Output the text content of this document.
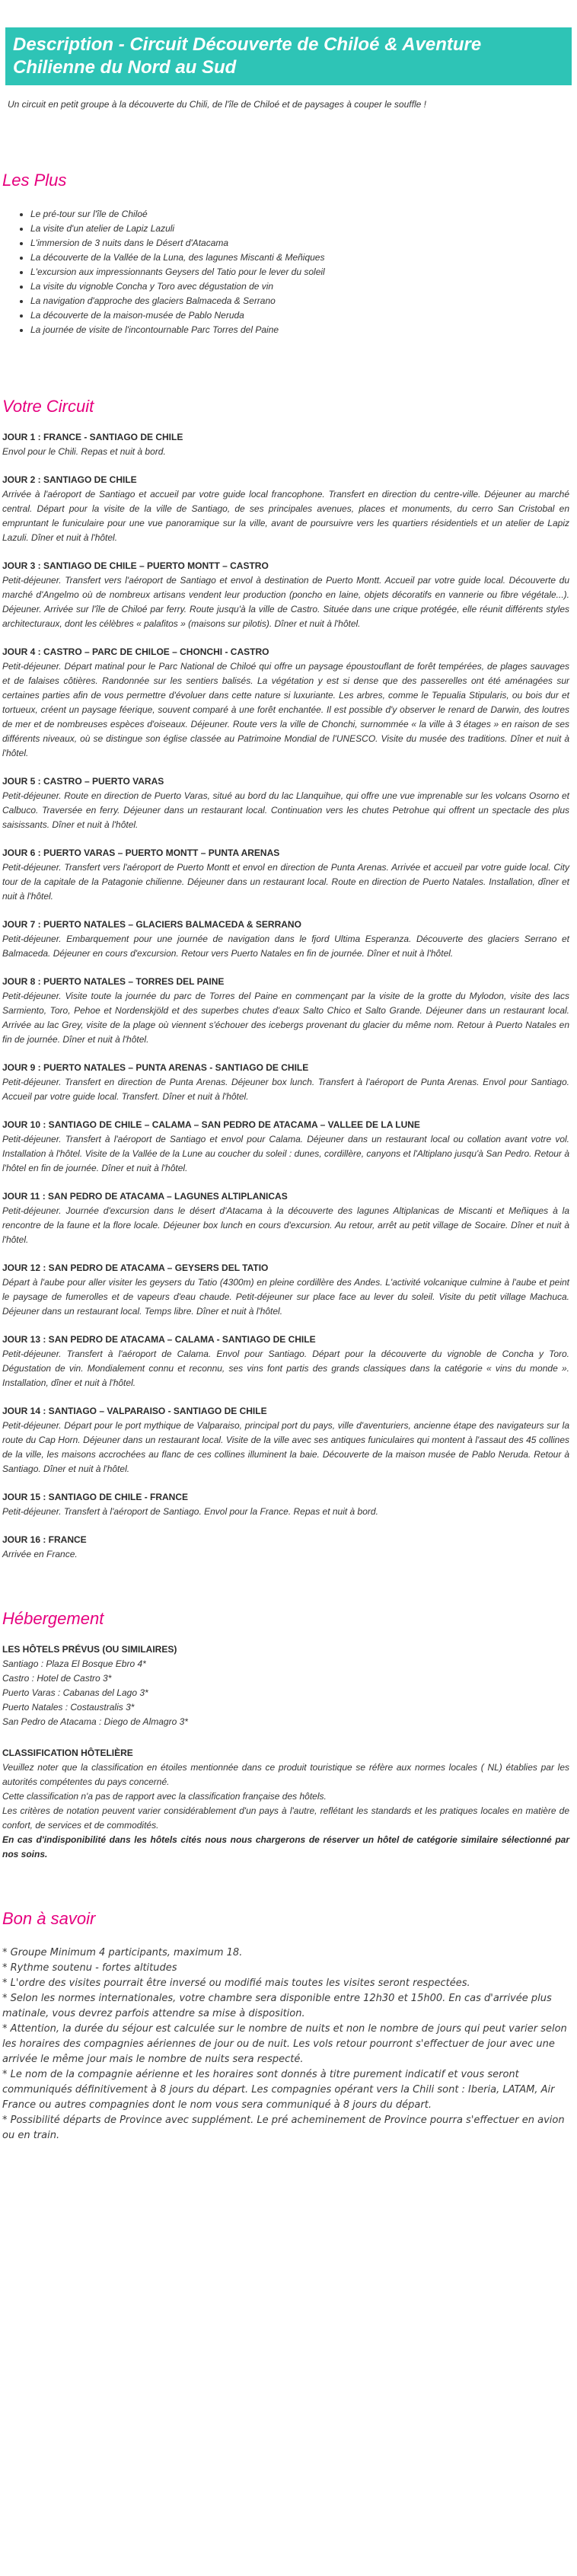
Description - Circuit Découverte de Chiloé & Aventure Chilienne du Nord au Sud
Un circuit en petit groupe à la découverte du Chili, de l'île de Chiloé et de paysages à couper le souffle !
Les Plus
• Le pré-tour sur l'île de Chiloé
• La visite d'un atelier de Lapiz Lazuli
• L'immersion de 3 nuits dans le Désert d'Atacama
• La découverte de la Vallée de la Luna, des lagunes Miscanti & Meñiques
• L'excursion aux impressionnants Geysers del Tatio pour le lever du soleil
• La visite du vignoble Concha y Toro avec dégustation de vin
• La navigation d'approche des glaciers Balmaceda & Serrano
• La découverte de la maison-musée de Pablo Neruda
• La journée de visite de l'incontournable Parc Torres del Paine
Votre Circuit
JOUR 1 : FRANCE - SANTIAGO DE CHILE
Envol pour le Chili. Repas et nuit à bord.
JOUR 2 : SANTIAGO DE CHILE
Arrivée à l'aéroport de Santiago et accueil par votre guide local francophone. Transfert en direction du centre-ville. Déjeuner au marché central. Départ pour la visite de la ville de Santiago, de ses principales avenues, places et monuments, du cerro San Cristobal en empruntant le funiculaire pour une vue panoramique sur la ville, avant de poursuivre vers les quartiers résidentiels et un atelier de Lapiz Lazuli. Dîner et nuit à l'hôtel.
JOUR 3 : SANTIAGO DE CHILE – PUERTO MONTT – CASTRO
Petit-déjeuner. Transfert vers l'aéroport de Santiago et envol à destination de Puerto Montt. Accueil par votre guide local. Découverte du marché d'Angelmo où de nombreux artisans vendent leur production (poncho en laine, objets décoratifs en vannerie ou fibre végétale...). Déjeuner. Arrivée sur l'île de Chiloé par ferry. Route jusqu'à la ville de Castro. Située dans une crique protégée, elle réunit différents styles architecturaux, dont les célèbres « palafitos » (maisons sur pilotis). Dîner et nuit à l'hôtel.
JOUR 4 : CASTRO – PARC DE CHILOE – CHONCHI - CASTRO
Petit-déjeuner. Départ matinal pour le Parc National de Chiloé qui offre un paysage époustouflant de forêt tempérées, de plages sauvages et de falaises côtières. Randonnée sur les sentiers balisés. La végétation y est si dense que des passerelles ont été aménagées sur certaines parties afin de vous permettre d'évoluer dans cette nature si luxuriante. Les arbres, comme le Tepualia Stipularis, ou bois dur et tortueux, créent un paysage féerique, souvent comparé à une forêt enchantée. Il est possible d'y observer le renard de Darwin, des loutres de mer et de nombreuses espèces d'oiseaux. Déjeuner. Route vers la ville de Chonchi, surnommée « la ville à 3 étages » en raison de ses différents niveaux, où se distingue son église classée au Patrimoine Mondial de l'UNESCO. Visite du musée des traditions. Dîner et nuit à l'hôtel.
JOUR 5 : CASTRO – PUERTO VARAS
Petit-déjeuner. Route en direction de Puerto Varas, situé au bord du lac Llanquihue, qui offre une vue imprenable sur les volcans Osorno et Calbuco. Traversée en ferry. Déjeuner dans un restaurant local. Continuation vers les chutes Petrohue qui offrent un spectacle des plus saisissants. Dîner et nuit à l'hôtel.
JOUR 6 : PUERTO VARAS – PUERTO MONTT – PUNTA ARENAS
Petit-déjeuner. Transfert vers l'aéroport de Puerto Montt et envol en direction de Punta Arenas. Arrivée et accueil par votre guide local. City tour de la capitale de la Patagonie chilienne. Déjeuner dans un restaurant local. Route en direction de Puerto Natales. Installation, dîner et nuit à l'hôtel.
JOUR 7 : PUERTO NATALES – GLACIERS BALMACEDA & SERRANO
Petit-déjeuner. Embarquement pour une journée de navigation dans le fjord Ultima Esperanza. Découverte des glaciers Serrano et Balmaceda. Déjeuner en cours d'excursion. Retour vers Puerto Natales en fin de journée. Dîner et nuit à l'hôtel.
JOUR 8 : PUERTO NATALES – TORRES DEL PAINE
Petit-déjeuner. Visite toute la journée du parc de Torres del Paine en commençant par la visite de la grotte du Mylodon, visite des lacs Sarmiento, Toro, Pehoe et Nordenskjöld et des superbes chutes d'eaux Salto Chico et Salto Grande. Déjeuner dans un restaurant local. Arrivée au lac Grey, visite de la plage où viennent s'échouer des icebergs provenant du glacier du même nom. Retour à Puerto Natales en fin de journée. Dîner et nuit à l'hôtel.
JOUR 9 : PUERTO NATALES – PUNTA ARENAS - SANTIAGO DE CHILE
Petit-déjeuner. Transfert en direction de Punta Arenas. Déjeuner box lunch. Transfert à l'aéroport de Punta Arenas. Envol pour Santiago. Accueil par votre guide local. Transfert. Dîner et nuit à l'hôtel.
JOUR 10 : SANTIAGO DE CHILE – CALAMA – SAN PEDRO DE ATACAMA – VALLEE DE LA LUNE
Petit-déjeuner. Transfert à l'aéroport de Santiago et envol pour Calama. Déjeuner dans un restaurant local ou collation avant votre vol. Installation à l'hôtel. Visite de la Vallée de la Lune au coucher du soleil : dunes, cordillère, canyons et l'Altiplano jusqu'à San Pedro. Retour à l'hôtel en fin de journée. Dîner et nuit à l'hôtel.
JOUR 11 : SAN PEDRO DE ATACAMA – LAGUNES ALTIPLANICAS
Petit-déjeuner. Journée d'excursion dans le désert d'Atacama à la découverte des lagunes Altiplanicas de Miscanti et Meñiques à la rencontre de la faune et la flore locale. Déjeuner box lunch en cours d'excursion. Au retour, arrêt au petit village de Socaire. Dîner et nuit à l'hôtel.
JOUR 12 : SAN PEDRO DE ATACAMA – GEYSERS DEL TATIO
Départ à l'aube pour aller visiter les geysers du Tatio (4300m) en pleine cordillère des Andes. L'activité volcanique culmine à l'aube et peint le paysage de fumerolles et de vapeurs d'eau chaude. Petit-déjeuner sur place face au lever du soleil. Visite du petit village Machuca. Déjeuner dans un restaurant local. Temps libre. Dîner et nuit à l'hôtel.
JOUR 13 : SAN PEDRO DE ATACAMA – CALAMA - SANTIAGO DE CHILE
Petit-déjeuner. Transfert à l'aéroport de Calama. Envol pour Santiago. Départ pour la découverte du vignoble de Concha y Toro. Dégustation de vin. Mondialement connu et reconnu, ses vins font partis des grands classiques dans la catégorie « vins du monde ». Installation, dîner et nuit à l'hôtel.
JOUR 14 : SANTIAGO – VALPARAISO - SANTIAGO DE CHILE
Petit-déjeuner. Départ pour le port mythique de Valparaiso, principal port du pays, ville d'aventuriers, ancienne étape des navigateurs sur la route du Cap Horn. Déjeuner dans un restaurant local. Visite de la ville avec ses antiques funiculaires qui montent à l'assaut des 45 collines de la ville, les maisons accrochées au flanc de ces collines illuminent la baie. Découverte de la maison musée de Pablo Neruda. Retour à Santiago. Dîner et nuit à l'hôtel.
JOUR 15 : SANTIAGO DE CHILE - FRANCE
Petit-déjeuner. Transfert à l'aéroport de Santiago. Envol pour la France. Repas et nuit à bord.
JOUR 16 : FRANCE
Arrivée en France.
Hébergement
LES HÔTELS PRÉVUS (OU SIMILAIRES)
Santiago : Plaza El Bosque Ebro 4*
Castro : Hotel de Castro 3*
Puerto Varas : Cabanas del Lago 3*
Puerto Natales : Costaustralis 3*
San Pedro de Atacama : Diego de Almagro 3*
CLASSIFICATION HÔTELIÈRE
Veuillez noter que la classification en étoiles mentionnée dans ce produit touristique se réfère aux normes locales ( NL) établies par les autorités compétentes du pays concerné.
Cette classification n'a pas de rapport avec la classification française des hôtels.
Les critères de notation peuvent varier considérablement d'un pays à l'autre, reflétant les standards et les pratiques locales en matière de confort, de services et de commodités.
En cas d'indisponibilité dans les hôtels cités nous nous chargerons de réserver un hôtel de catégorie similaire sélectionné par nos soins.
Bon à savoir
* Groupe Minimum 4 participants, maximum 18.
* Rythme soutenu - fortes altitudes
* L'ordre des visites pourrait être inversé ou modifié mais toutes les visites seront respectées.
* Selon les normes internationales, votre chambre sera disponible entre 12h30 et 15h00. En cas d'arrivée plus matinale, vous devrez parfois attendre sa mise à disposition.
* Attention, la durée du séjour est calculée sur le nombre de nuits et non le nombre de jours qui peut varier selon les horaires des compagnies aériennes de jour ou de nuit. Les vols retour pourront s'effectuer de jour avec une arrivée le même jour mais le nombre de nuits sera respecté.
* Le nom de la compagnie aérienne et les horaires sont donnés à titre purement indicatif et vous seront communiqués définitivement à 8 jours du départ. Les compagnies opérant vers la Chili sont : Iberia, LATAM, Air France ou autres compagnies dont le nom vous sera communiqué à 8 jours du départ.
* Possibilité départs de Province avec supplément. Le pré acheminement de Province pourra s'effectuer en avion ou en train.
